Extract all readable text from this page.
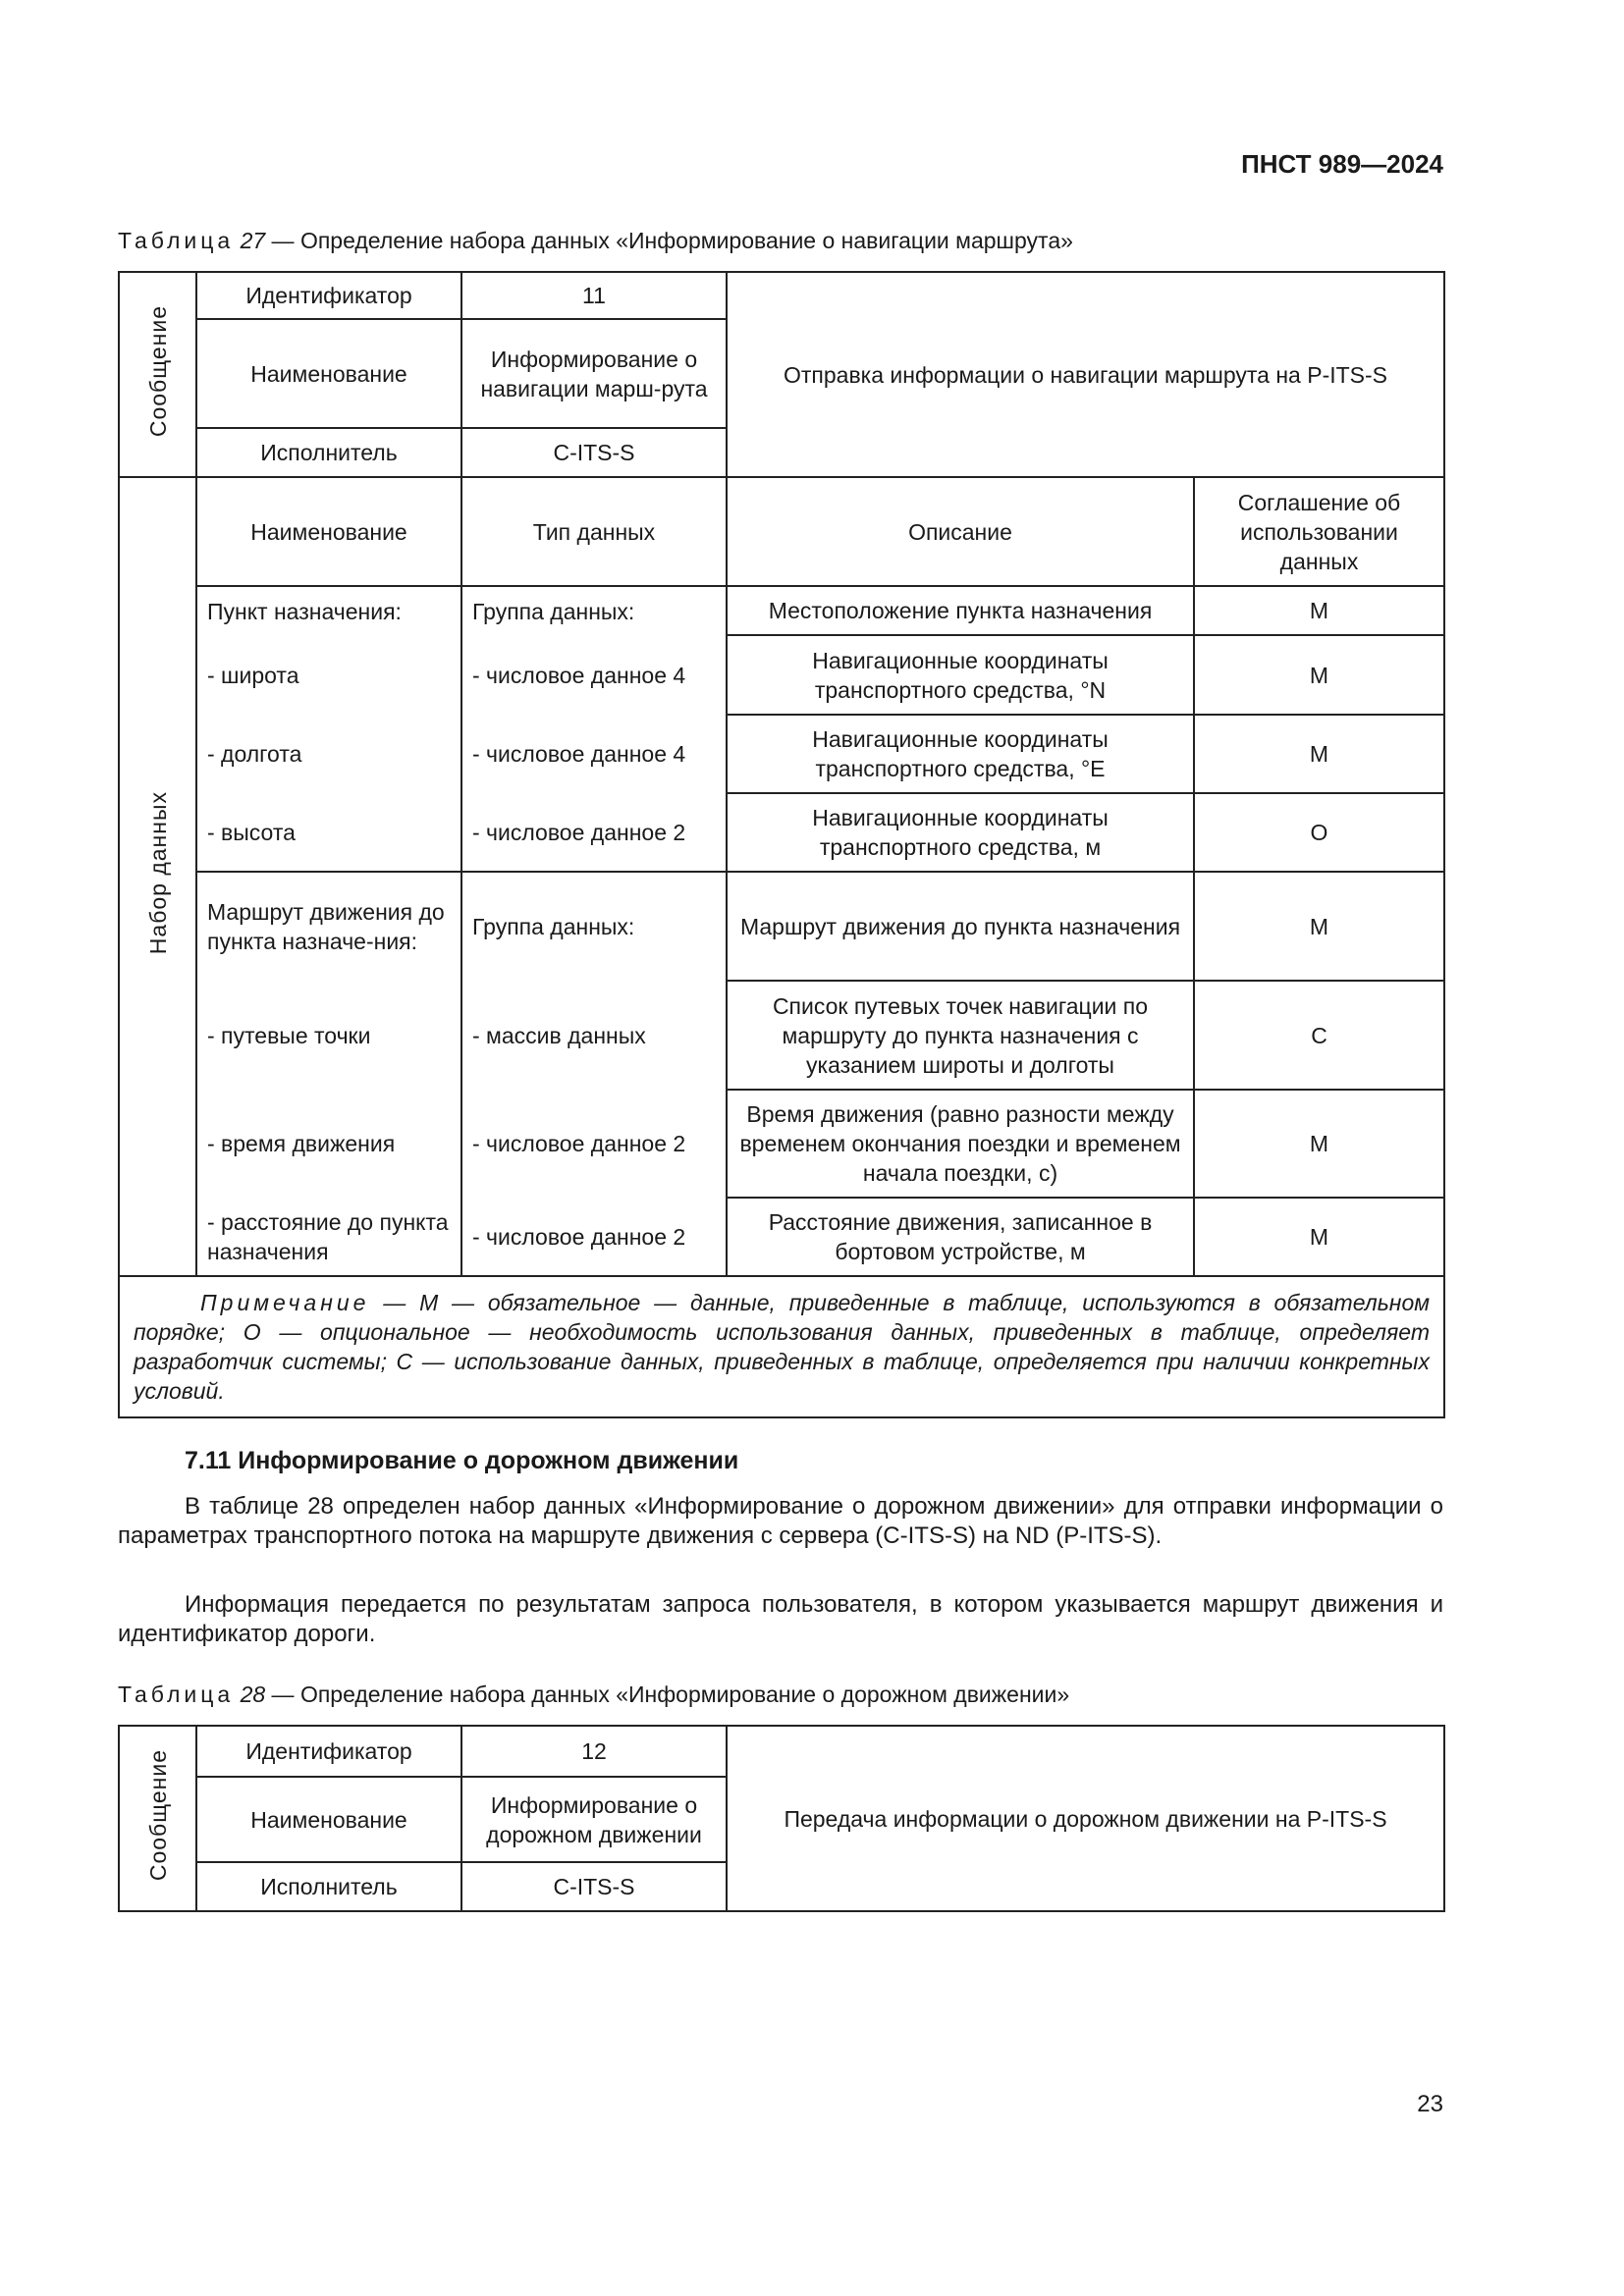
ПНСТ 989—2024
Таблица 27 — Определение набора данных «Информирование о навигации маршрута»
Сообщение	Идентификатор	11	Отправка информации о навигации маршрута на P-ITS-S	
	Наименование	Информирование о навигации марш-рута		
	Исполнитель	C-ITS-S		
Набор данных	Наименование	Тип данных	Описание	Соглашение об использовании данных
	Пункт назначения:	Группа данных:	Местоположение пункта назначения	M
	- широта	- числовое данное 4	Навигационные координаты транспортного средства, °N	M
	- долгота	- числовое данное 4	Навигационные координаты транспортного средства, °E	M
	- высота	- числовое данное 2	Навигационные координаты транспортного средства, м	O
	Маршрут движения до пункта назначе-ния:	Группа данных:	Маршрут движения до пункта назначения	M
	- путевые точки	- массив данных	Список путевых точек навигации по маршруту до пункта назначения с указанием широты и долготы	C
	- время движения	- числовое данное 2	Время движения (равно разности между временем окончания поездки и временем начала поездки, с)	M
	- расстояние до пункта назначения	- числовое данное 2	Расстояние движения, записанное в бортовом устройстве, м	M
Примечание — M — обязательное — данные, приведенные в таблице, используются в обязательном порядке; O — опциональное — необходимость использования данных, приведенных в таблице, определяет разработчик системы; C — использование данных, приведенных в таблице, определяется при наличии конкретных условий.				
7.11 Информирование о дорожном движении
В таблице 28 определен набор данных «Информирование о дорожном движении» для отправки информации о параметрах транспортного потока на маршруте движения с сервера (C-ITS-S) на ND (P-ITS-S).
Информация передается по результатам запроса пользователя, в котором указывается маршрут движения и идентификатор дороги.
Таблица 28 — Определение набора данных «Информирование о дорожном движении»
Сообщение	Идентификатор	12	Передача информации о дорожном движении на P-ITS-S
	Наименование	Информирование о дорожном движении	
	Исполнитель	C-ITS-S	
23
